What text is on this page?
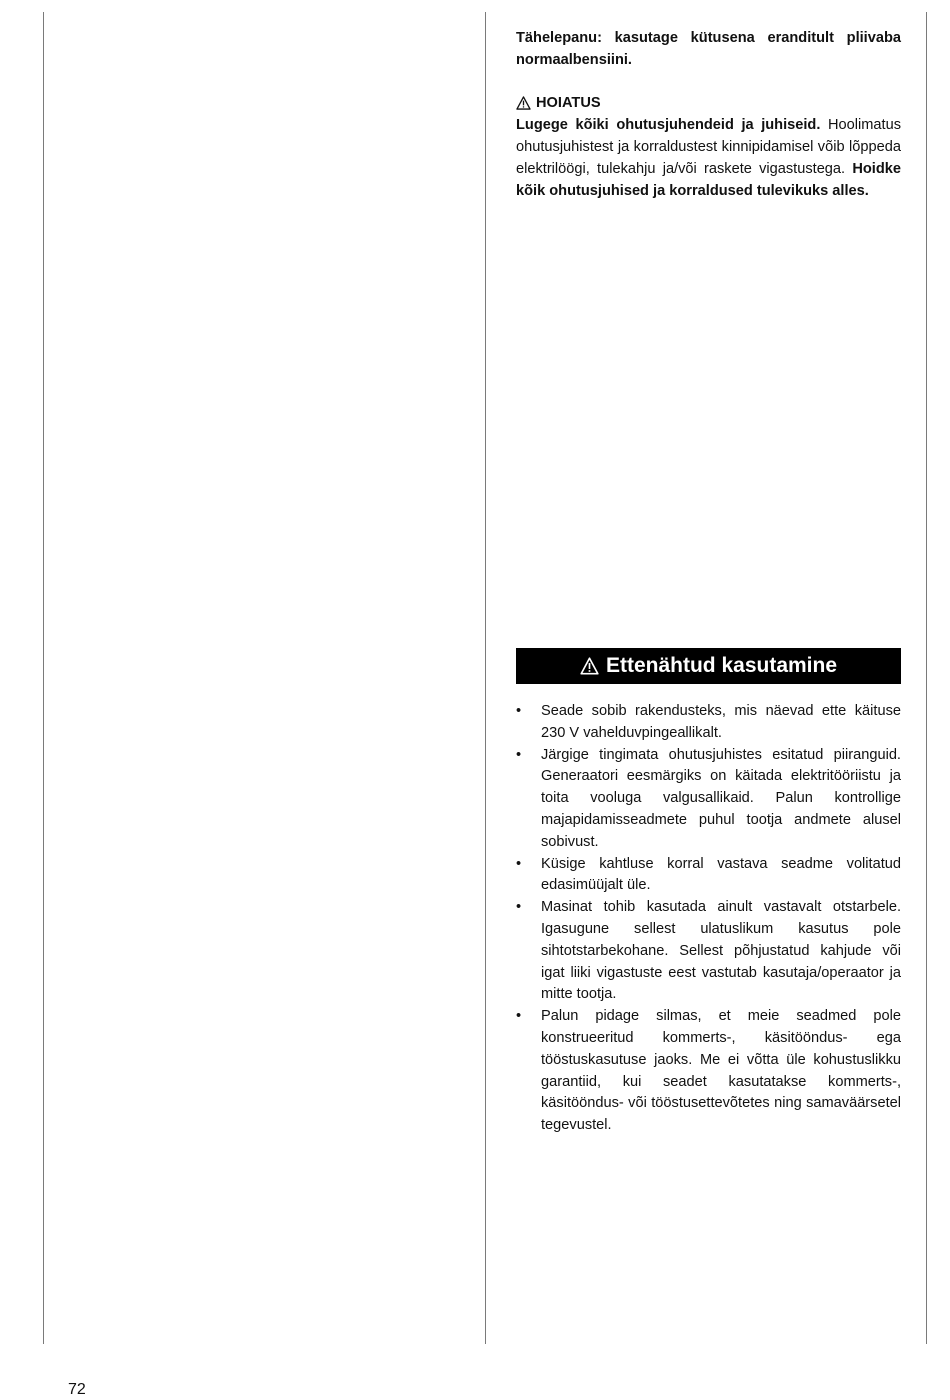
Tähelepanu: kasutage kütusena eranditult pliivaba normaalbensiini.

HOIATUS

Lugege kõiki ohutusjuhendeid ja juhiseid. Hoolimatus ohutusjuhistest ja korraldustest kinnipidamisel võib lõppeda elektrilöögi, tulekahju ja/või raskete vigastustega. Hoidke kõik ohutusjuhised ja korraldused tulevikuks alles.

Ettenähtud kasutamine
• Seade sobib rakendusteks, mis näevad ette käituse 230 V vahelduvpingeallikalt.
• Järgige tingimata ohutusjuhistes esitatud piiranguid. Generaatori eesmärgiks on käitada elektritööriistu ja toita vooluga valgusallikaid. Palun kontrollige majapidamisseadmete puhul tootja andmete alusel sobivust.
• Küsige kahtluse korral vastava seadme volitatud edasimüüjalt üle.
• Masinat tohib kasutada ainult vastavalt otstarbele. Igasugune sellest ulatuslikum kasutus pole sihtotstarbekohane. Sellest põhjustatud kahjude või igat liiki vigastuste eest vastutab kasutaja/operaator ja mitte tootja.
• Palun pidage silmas, et meie seadmed pole konstrueeritud kommerts-, käsitööndus- ega tööstuskasutuse jaoks. Me ei võtta üle kohustuslikku garantiid, kui seadet kasutatakse kommerts-, käsitööndus- või tööstusettevõtetes ning samaväärsetel tegevustel.
72
